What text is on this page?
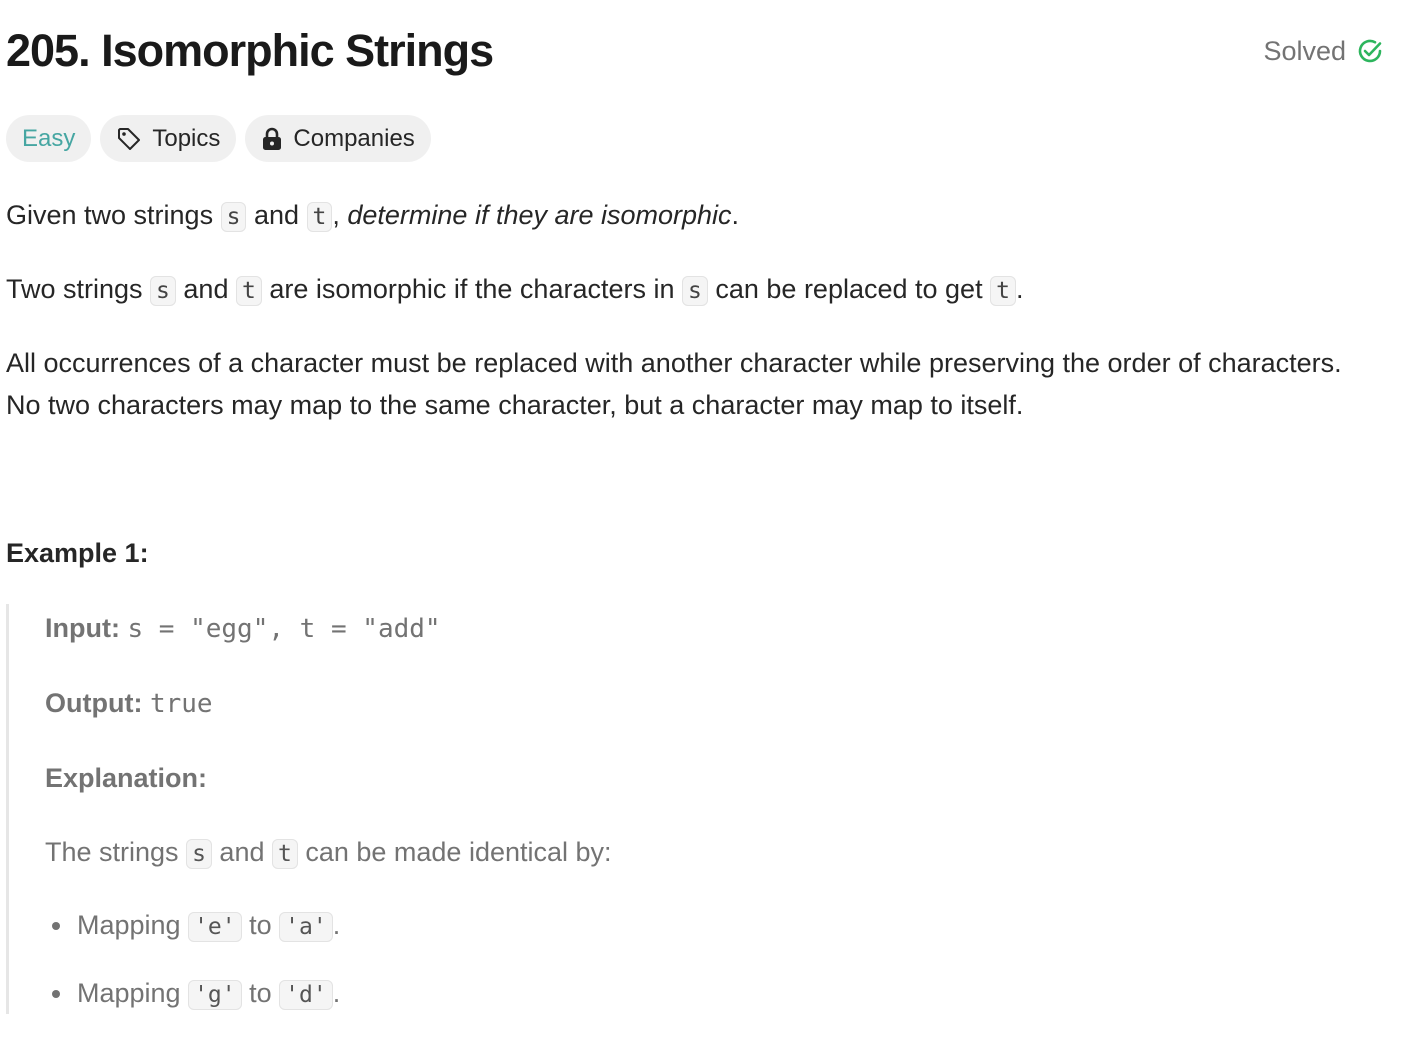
205. Isomorphic Strings	Solved
Easy	Topics	Companies

Given two strings s and t , determine if they are isomorphic.

Two strings s and t are isomorphic if the characters in s can be replaced to get t .

All occurrences of a character must be replaced with another character while preserving the order of characters. No two characters may map to the same character, but a character may map to itself.

Example 1:

Input: s = "egg", t = "add"
Output: true
Explanation:
The strings s and t can be made identical by:
Mapping 'e' to 'a' .
Mapping 'g' to 'd' .
